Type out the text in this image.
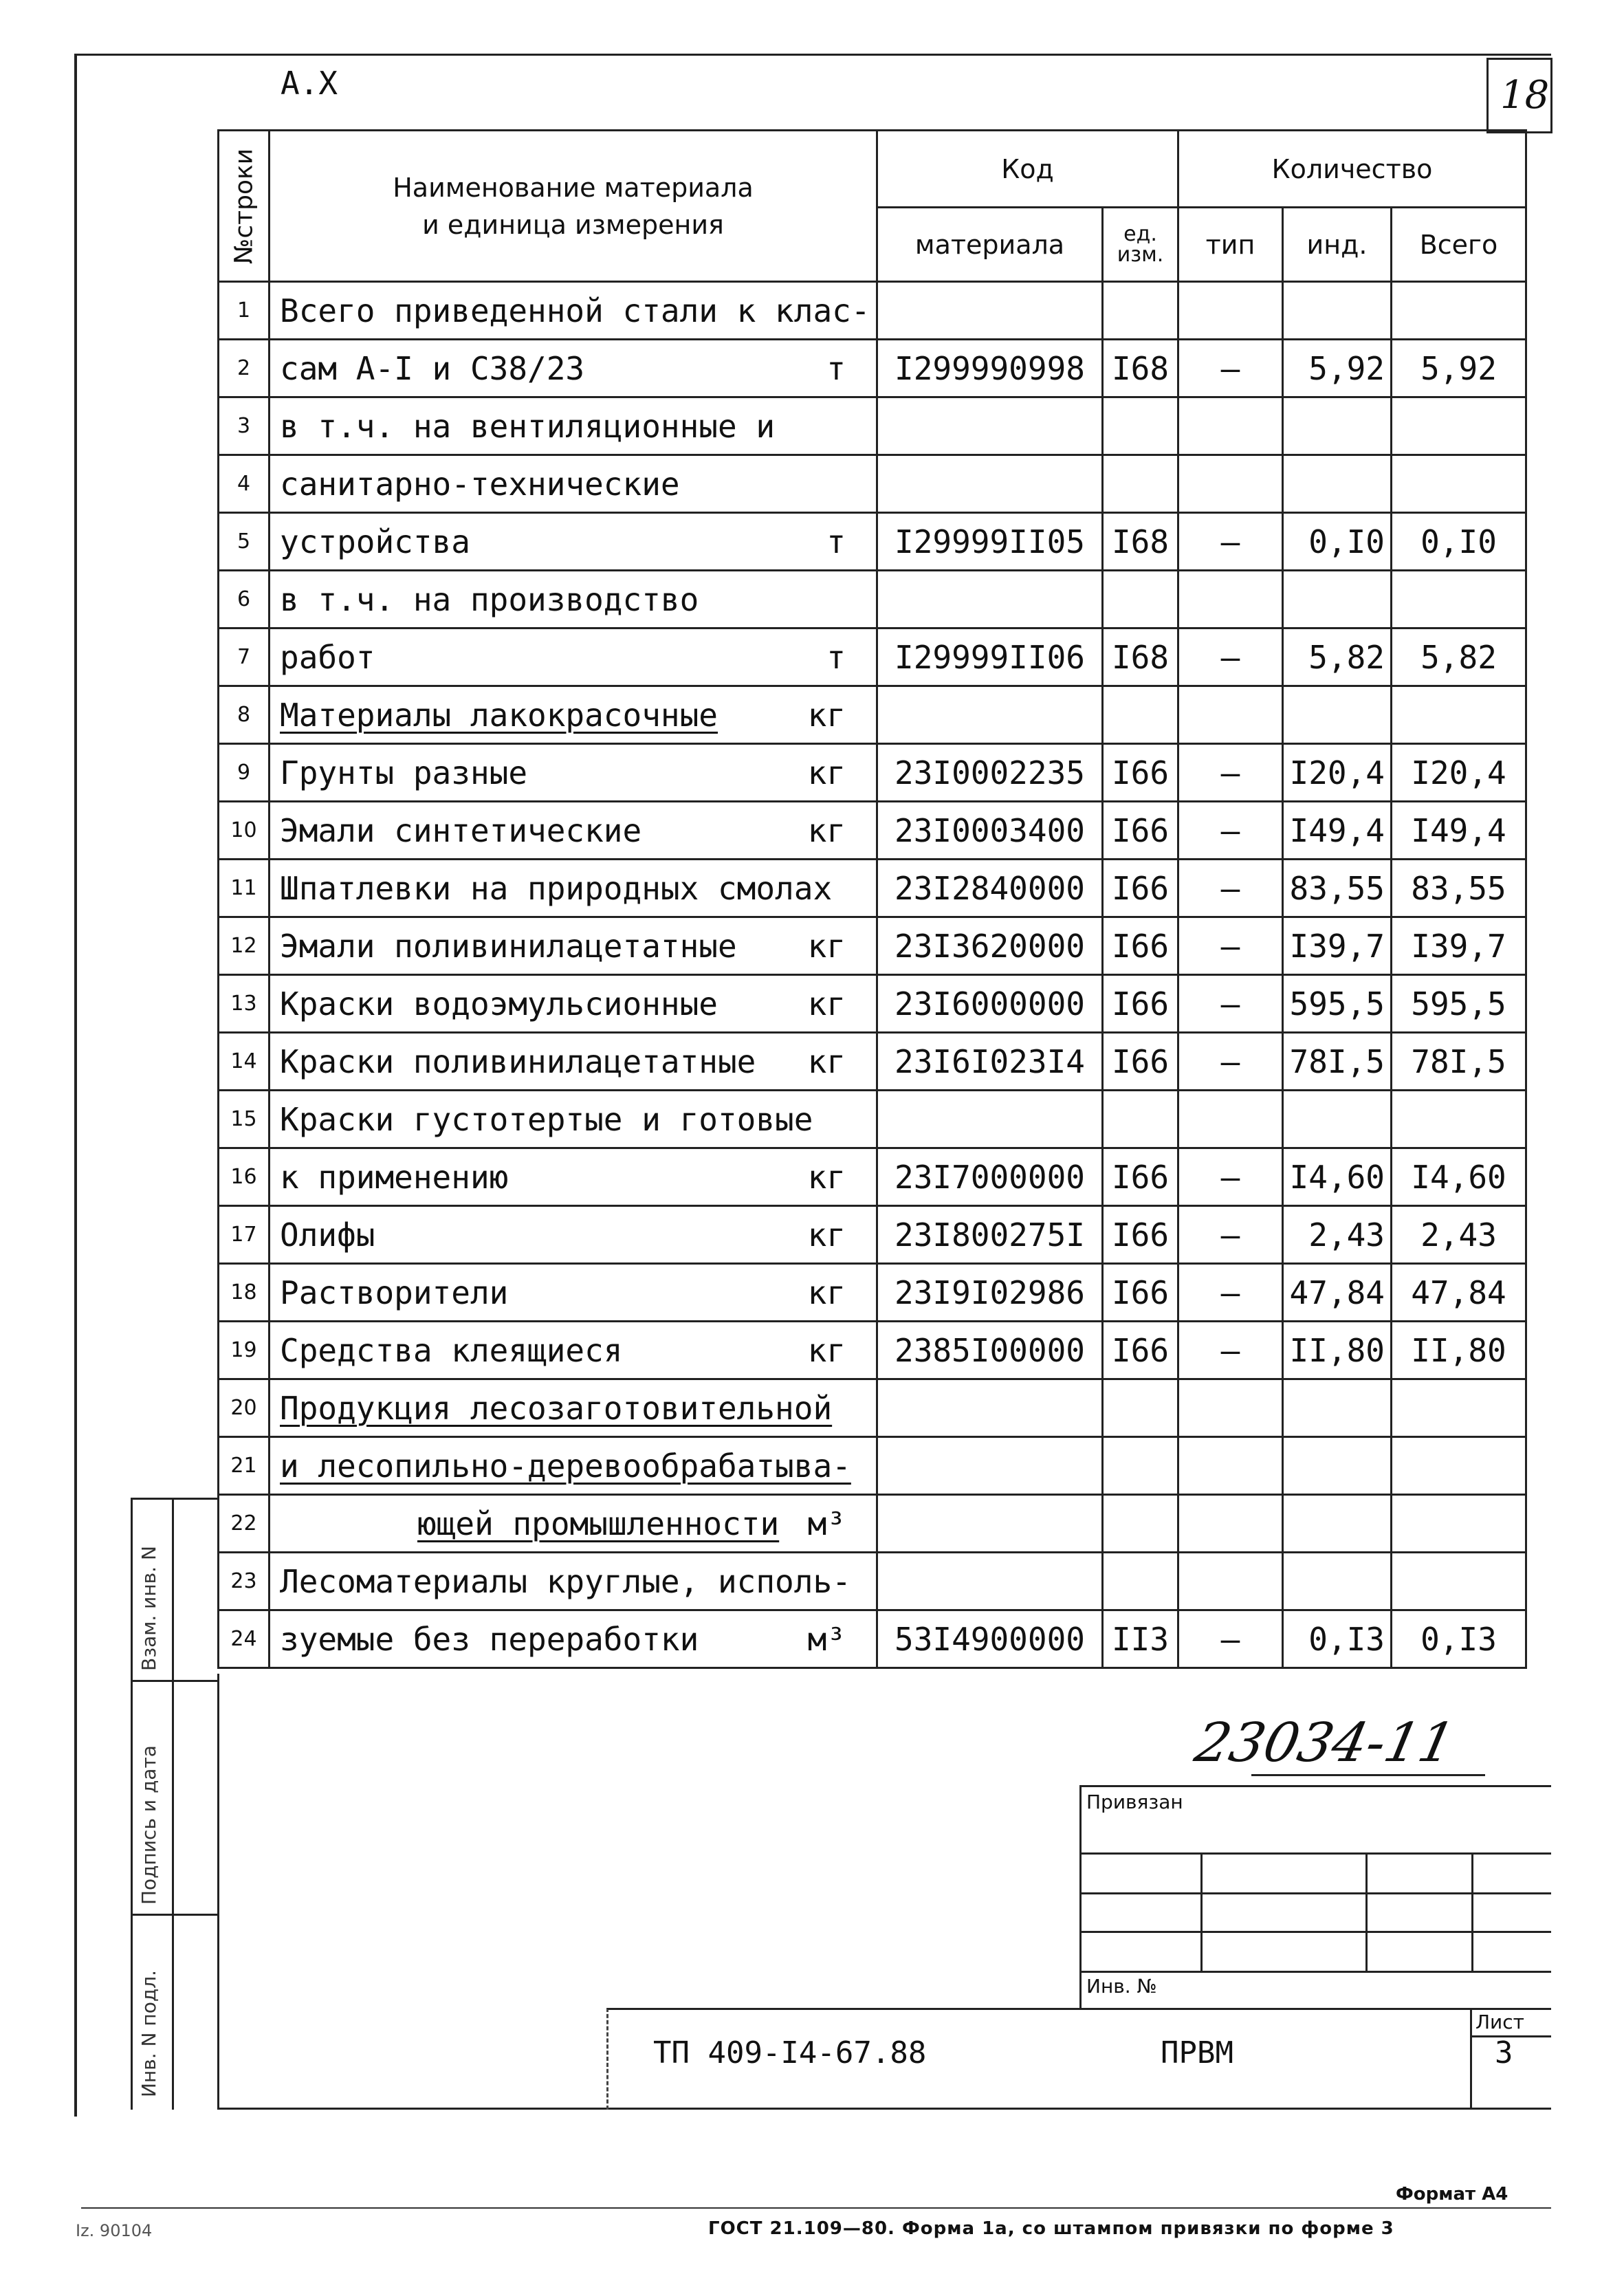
А.Х	18
№строки	Наименование материала
и единица измерения	Код		Количество		
		материала	ед. изм.	тип	инд.	Всего
1	Всего приведенной стали к клас-

2	сам А-I и С38/23 т	I299990998	I68	–	5,92	5,92
3	в т.ч. на вентиляционные и

4	санитарно-технические

5	устройства т	I29999II05	I68	–	0,I0	0,I0
6	в т.ч. на производство

7	работ т	I29999II06	I68	–	5,82	5,82
8	Материалы лакокрасочные кг					

9	Грунты разные кг	23I0002235	I66	–	I20,4	I20,4
10	Эмали синтетические кг	23I0003400	I66	–	I49,4	I49,4
11	Шпатлевки на природных смолах	23I2840000	I66	–	83,55	83,55
12	Эмали поливинилацетатные кг	23I3620000	I66	–	I39,7	I39,7
13	Краски водоэмульсионные кг	23I6000000	I66	–	595,5	595,5
14	Краски поливинилацетатные кг	23I6I023I4	I66	–	78I,5	78I,5
15	Краски густотертые и готовые

16	к применению кг	23I7000000	I66	–	I4,60	I4,60
17	Олифы кг	23I800275I	I66	–	2,43	2,43
18	Растворители кг	23I9I02986	I66	–	47,84	47,84
19	Средства клеящиеся кг	2385I00000	I66	–	II,80	II,80
20	Продукция лесозаготовительной

21	и лесопильно-деревообрабатыва-

22	ющей промышленности м³					

23	Лесоматериалы круглые, исполь-

24	зуемые без переработки м³	53I4900000	II3	–	0,I3	0,I3
Взам. инв. N
Подпись и дата
Инв. N подл.
23034-11
Привязан
Инв. №
ТП 409-I4-67.88	ПРВМ
Лист
3
Формат А4
ГОСТ 21.109—80. Форма 1а, со штампом привязки по форме 3
Iz. 90104
